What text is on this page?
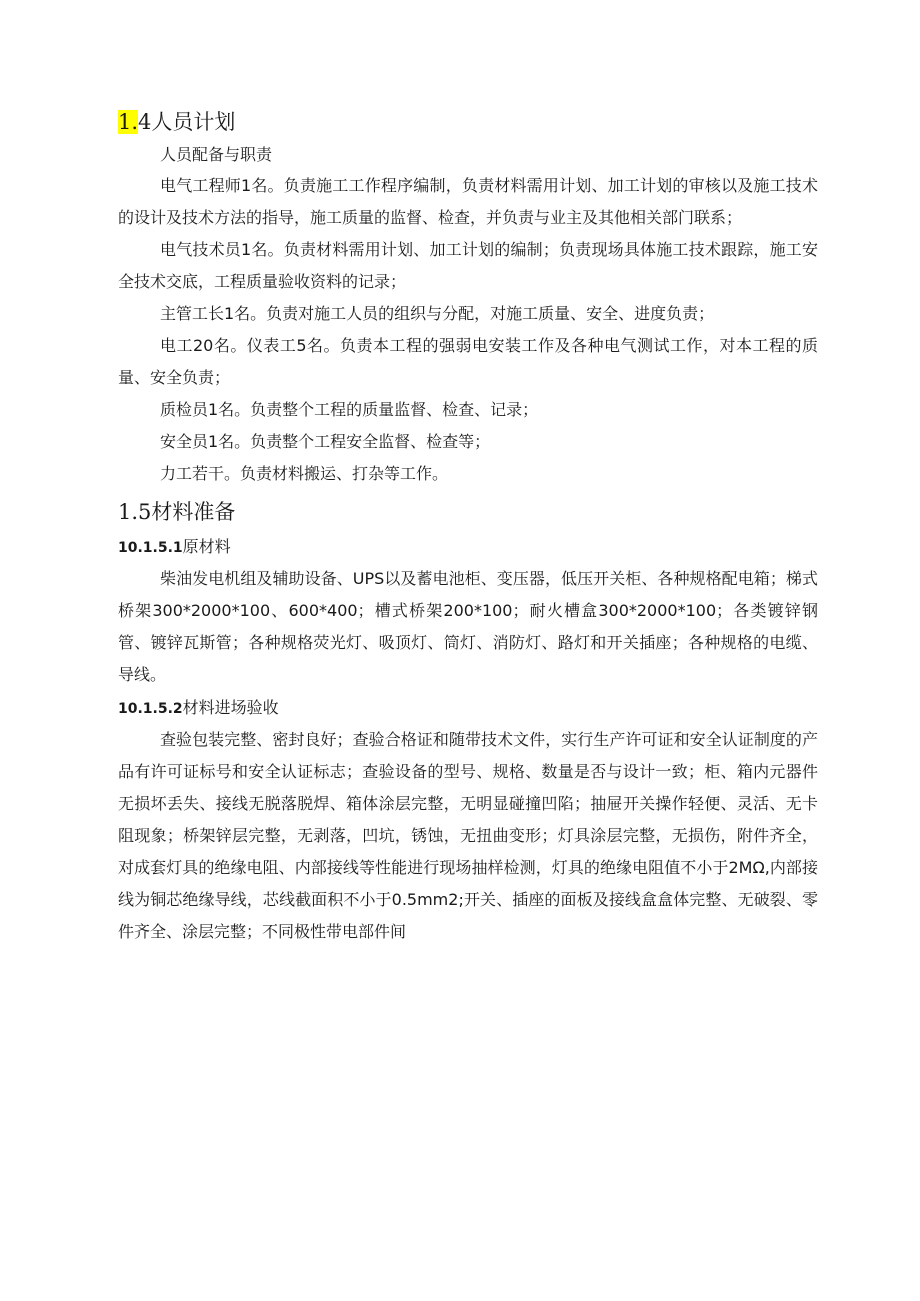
1.4人员计划

人员配备与职责

电气工程师1名。负责施工工作程序编制，负责材料需用计划、加工计划的审核以及施工技术的设计及技术方法的指导，施工质量的监督、检查，并负责与业主及其他相关部门联系；

电气技术员1名。负责材料需用计划、加工计划的编制；负责现场具体施工技术跟踪，施工安全技术交底，工程质量验收资料的记录；

主管工长1名。负责对施工人员的组织与分配，对施工质量、安全、进度负责；

电工20名。仪表工5名。负责本工程的强弱电安装工作及各种电气测试工作，对本工程的质量、安全负责；

质检员1名。负责整个工程的质量监督、检查、记录；

安全员1名。负责整个工程安全监督、检查等；

力工若干。负责材料搬运、打杂等工作。

1.5材料准备

10.1.5.1原材料

柴油发电机组及辅助设备、UPS以及蓄电池柜、变压器，低压开关柜、各种规格配电箱；梯式桥架300*2000*100、600*400；槽式桥架200*100；耐火槽盒300*2000*100；各类镀锌钢管、镀锌瓦斯管；各种规格荧光灯、吸顶灯、筒灯、消防灯、路灯和开关插座；各种规格的电缆、导线。

10.1.5.2材料进场验收

查验包装完整、密封良好；查验合格证和随带技术文件，实行生产许可证和安全认证制度的产品有许可证标号和安全认证标志；查验设备的型号、规格、数量是否与设计一致；柜、箱内元器件无损坏丢失、接线无脱落脱焊、箱体涂层完整，无明显碰撞凹陷；抽屉开关操作轻便、灵活、无卡阻现象；桥架锌层完整，无剥落，凹坑，锈蚀，无扭曲变形；灯具涂层完整，无损伤，附件齐全，对成套灯具的绝缘电阻、内部接线等性能进行现场抽样检测，灯具的绝缘电阻值不小于2MΩ,内部接线为铜芯绝缘导线，芯线截面积不小于0.5mm2;开关、插座的面板及接线盒盒体完整、无破裂、零件齐全、涂层完整；不同极性带电部件间
